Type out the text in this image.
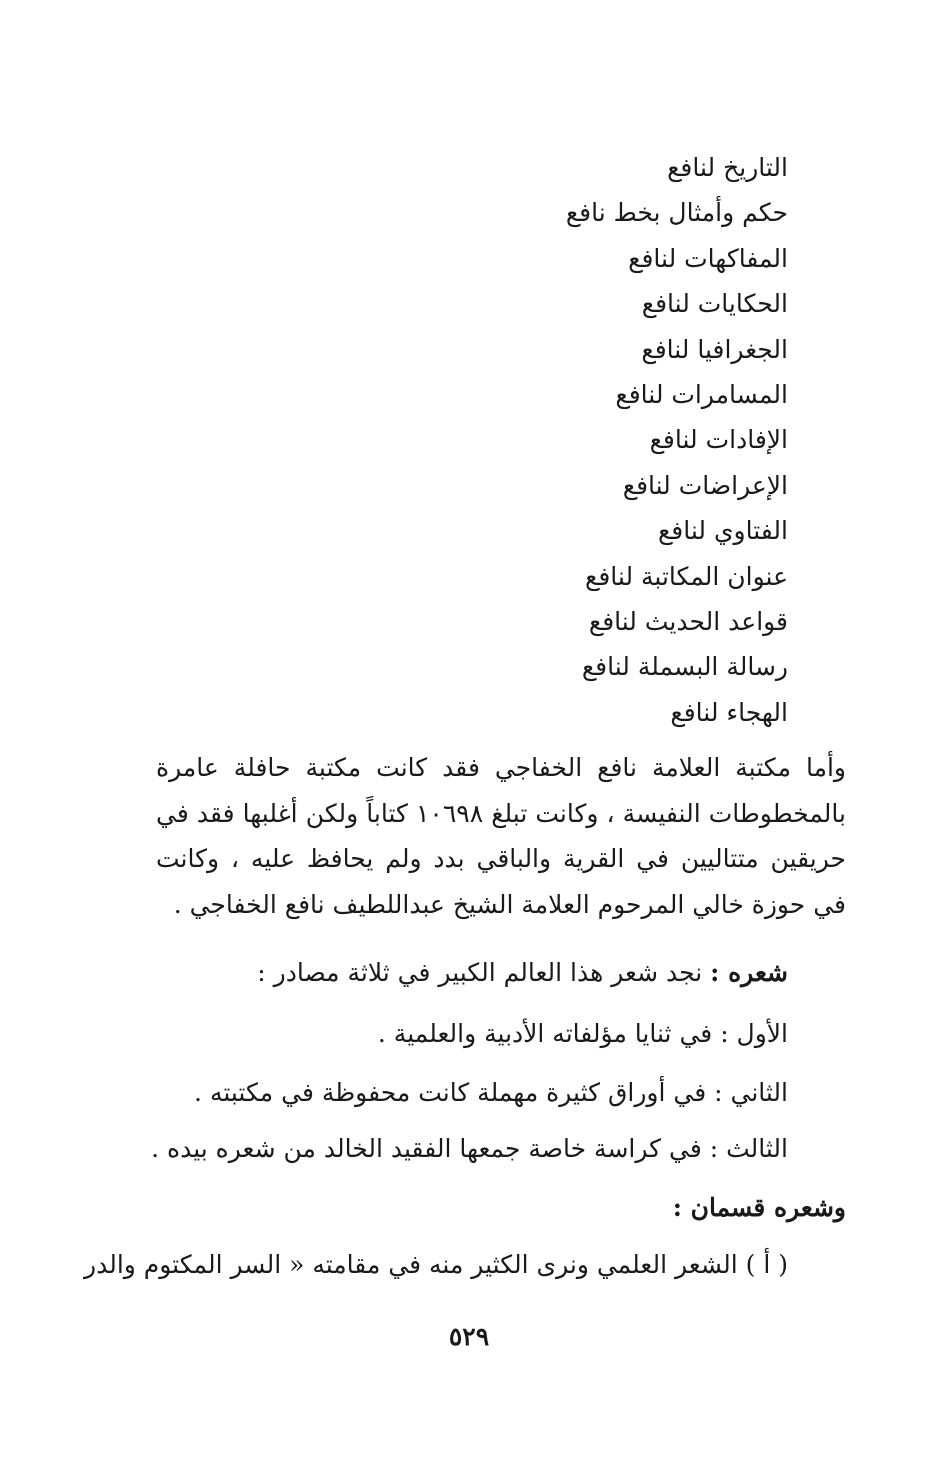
التاريخ لنافع
حكم وأمثال بخط نافع
المفاكهات لنافع
الحكايات لنافع
الجغرافيا لنافع
المسامرات لنافع
الإفادات لنافع
الإعراضات لنافع
الفتاوي لنافع
عنوان المكاتبة لنافع
قواعد الحديث لنافع
رسالة البسملة لنافع
الهجاء لنافع

وأما مكتبة العلامة نافع الخفاجي فقد كانت مكتبة حافلة عامرة بالمخطوطات النفيسة ، وكانت تبلغ ١٠٦٩٨ كتاباً ولكن أغلبها فقد في حريقين متتاليين في القرية والباقي بدد ولم يحافظ عليه ، وكانت في حوزة خالي المرحوم العلامة الشيخ عبداللطيف نافع الخفاجي .

شعره : نجد شعر هذا العالم الكبير في ثلاثة مصادر :

الأول : في ثنايا مؤلفاته الأدبية والعلمية .

الثاني : في أوراق كثيرة مهملة كانت محفوظة في مكتبته .

الثالث : في كراسة خاصة جمعها الفقيد الخالد من شعره بيده .

وشعره قسمان :

( أ ) الشعر العلمي ونرى الكثير منه في مقامته « السر المكتوم والدر

٥٢٩
